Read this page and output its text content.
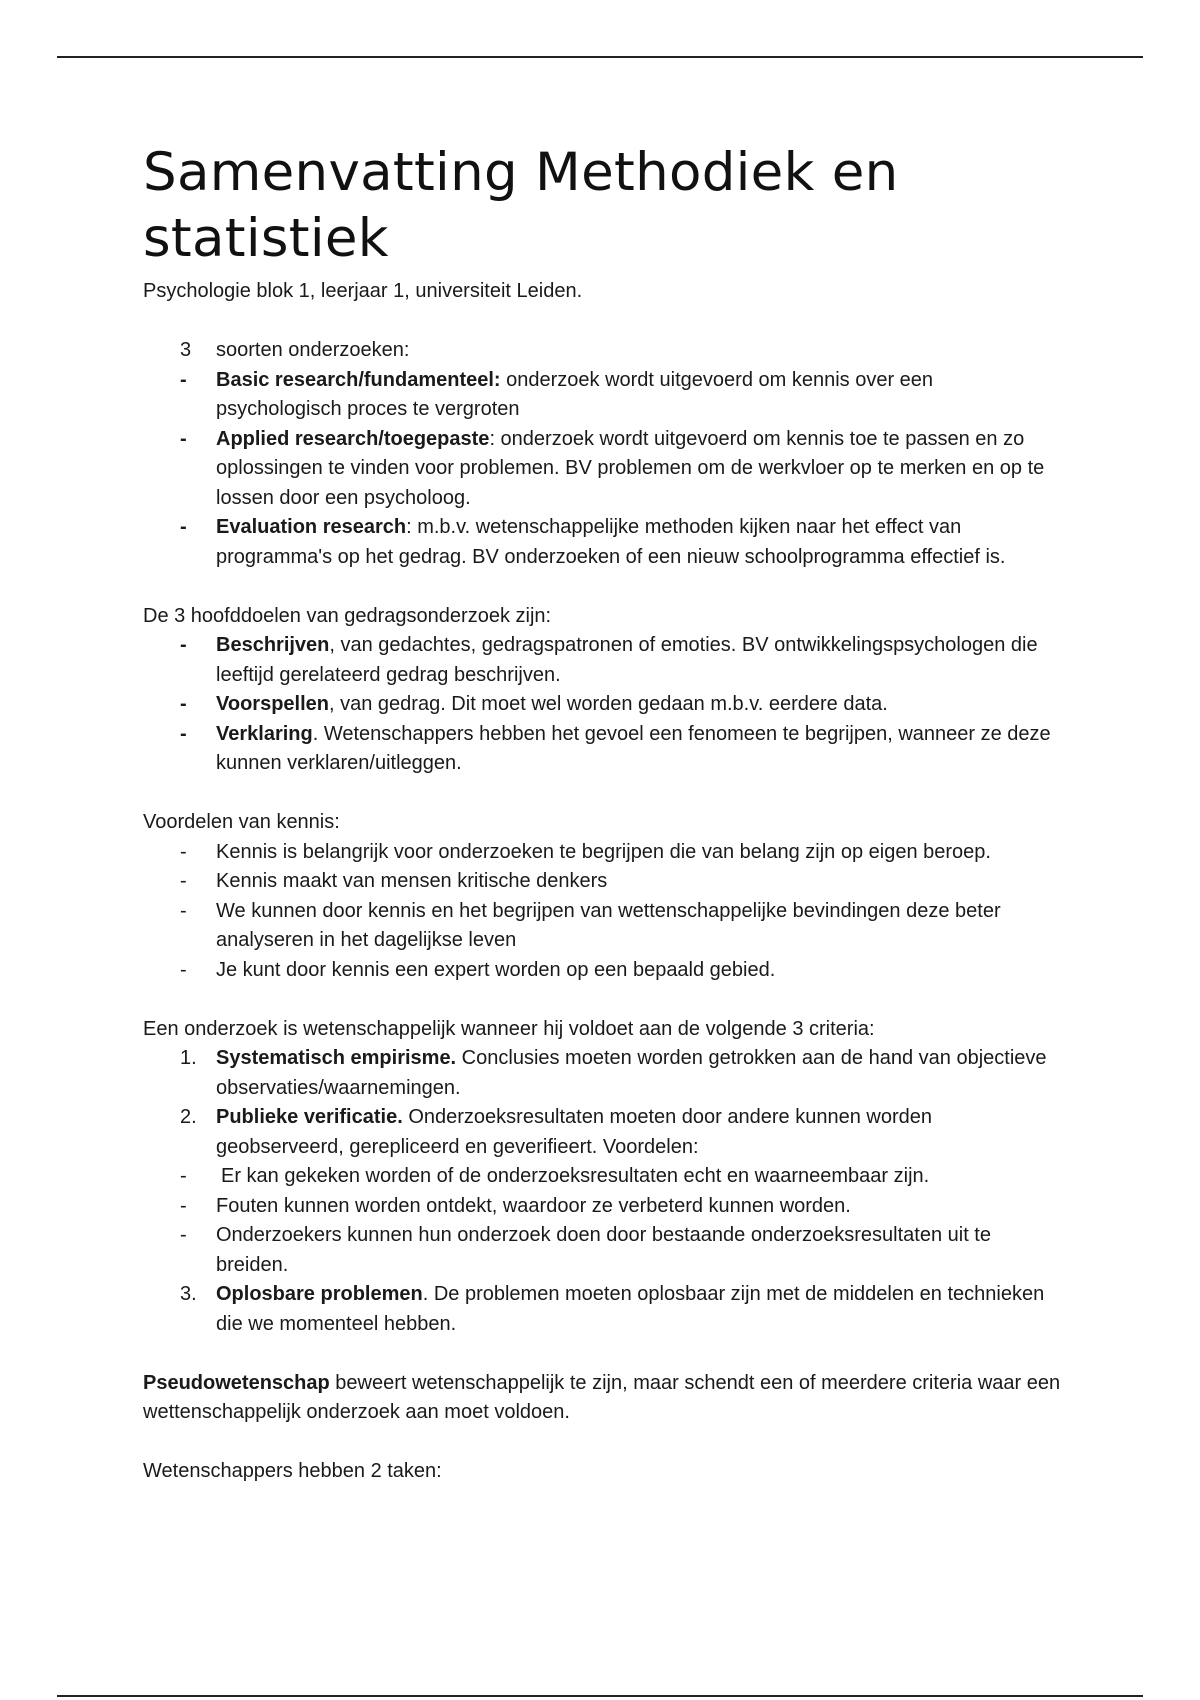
Samenvatting Methodiek en statistiek

Psychologie blok 1, leerjaar 1, universiteit Leiden.

3	soorten onderzoeken:
-	Basic research/fundamenteel: onderzoek wordt uitgevoerd om kennis over een psychologisch proces te vergroten
-	Applied research/toegepaste: onderzoek wordt uitgevoerd om kennis toe te passen en zo oplossingen te vinden voor problemen. BV problemen om de werkvloer op te merken en op te lossen door een psycholoog.
-	Evaluation research: m.b.v. wetenschappelijke methoden kijken naar het effect van programma's op het gedrag. BV onderzoeken of een nieuw schoolprogramma effectief is.

De 3 hoofddoelen van gedragsonderzoek zijn:

-	Beschrijven, van gedachtes, gedragspatronen of emoties. BV ontwikkelingspsychologen die leeftijd gerelateerd gedrag beschrijven.
-	Voorspellen, van gedrag. Dit moet wel worden gedaan m.b.v. eerdere data.
-	Verklaring. Wetenschappers hebben het gevoel een fenomeen te begrijpen, wanneer ze deze kunnen verklaren/uitleggen.

Voordelen van kennis:

-	Kennis is belangrijk voor onderzoeken te begrijpen die van belang zijn op eigen beroep.
-	Kennis maakt van mensen kritische denkers
-	We kunnen door kennis en het begrijpen van wettenschappelijke bevindingen deze beter analyseren in het dagelijkse leven
-	Je kunt door kennis een expert worden op een bepaald gebied.

Een onderzoek is wetenschappelijk wanneer hij voldoet aan de volgende 3 criteria:

1. Systematisch empirisme. Conclusies moeten worden getrokken aan de hand van objectieve observaties/waarnemingen.
2. Publieke verificatie. Onderzoeksresultaten moeten door andere kunnen worden geobserveerd, gerepliceerd en geverifieert. Voordelen:
-	Er kan gekeken worden of de onderzoeksresultaten echt en waarneembaar zijn.
-	Fouten kunnen worden ontdekt, waardoor ze verbeterd kunnen worden.
-	Onderzoekers kunnen hun onderzoek doen door bestaande onderzoeksresultaten uit te breiden.
3. Oplosbare problemen. De problemen moeten oplosbaar zijn met de middelen en technieken die we momenteel hebben.

Pseudowetenschap beweert wetenschappelijk te zijn, maar schendt een of meerdere criteria waar een wettenschappelijk onderzoek aan moet voldoen.

Wetenschappers hebben 2 taken:
